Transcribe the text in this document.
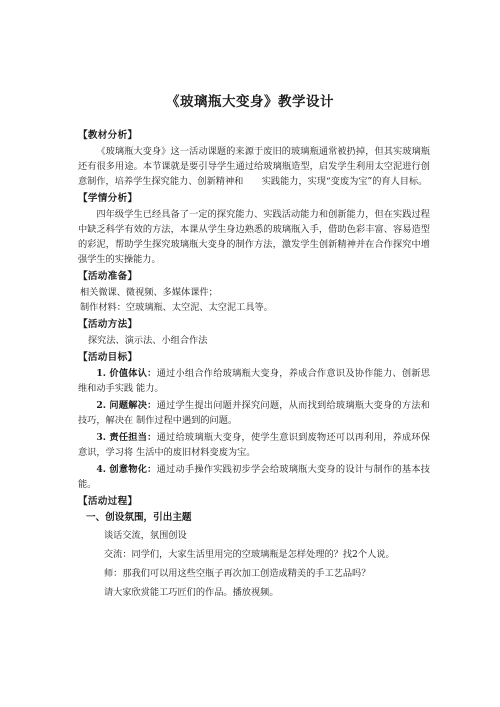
《玻璃瓶大变身》教学设计
【教材分析】

《玻璃瓶大变身》这一活动课题的来源于废旧的玻璃瓶通常被扔掉，但其实玻璃瓶还有很多用途。本节课就是要引导学生通过给玻璃瓶造型，启发学生利用太空泥进行创意制作，培养学生探究能力、创新精神和　　实践能力，实现“变废为宝”的育人目标。

【学情分析】

四年级学生已经具备了一定的探究能力、实践活动能力和创新能力，但在实践过程中缺乏科学有效的方法，本课从学生身边熟悉的玻璃瓶入手，借助色彩丰富、容易造型的彩泥，帮助学生探究玻璃瓶大变身的制作方法，激发学生创新精神并在合作探究中增强学生的实操能力。

【活动准备】

相关微课、微视频、多媒体课件；

制作材料：空玻璃瓶、太空泥、太空泥工具等。

【活动方法】

探究法、演示法、小组合作法

【活动目标】

1. 价值体认：通过小组合作给玻璃瓶大变身，养成合作意识及协作能力、创新思维和动手实践 能力。

2. 问题解决：通过学生提出问题并探究问题，从而找到给玻璃瓶大变身的方法和技巧，解决在 制作过程中遇到的问题。

3. 责任担当：通过给玻璃瓶大变身，使学生意识到废物还可以再利用，养成环保意识，学习将 生活中的废旧材料变废为宝。

4. 创意物化：通过动手操作实践初步学会给玻璃瓶大变身的设计与制作的基本技能。

【活动过程】
一、创设氛围，引出主题

谈话交流，氛围创设

交流：同学们，大家生活里用完的空玻璃瓶是怎样处理的？找2个人说。

师：那我们可以用这些空瓶子再次加工创造成精美的手工艺品吗？

请大家欣赏能工巧匠们的作品。播放视频。
